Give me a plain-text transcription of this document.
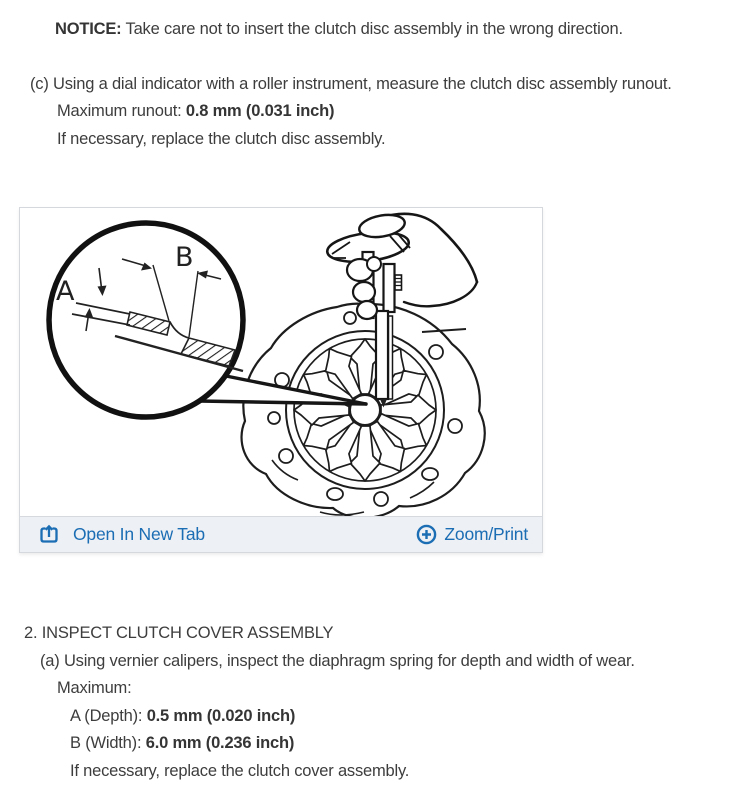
NOTICE: Take care not to insert the clutch disc assembly in the wrong direction.

(c) Using a dial indicator with a roller instrument, measure the clutch disc assembly runout.

Maximum runout: 0.8 mm (0.031 inch)

If necessary, replace the clutch disc assembly.

B
A
Open In New Tab	Zoom/Print

2. INSPECT CLUTCH COVER ASSEMBLY

(a) Using vernier calipers, inspect the diaphragm spring for depth and width of wear.

Maximum:

A (Depth): 0.5 mm (0.020 inch)

B (Width): 6.0 mm (0.236 inch)

If necessary, replace the clutch cover assembly.
